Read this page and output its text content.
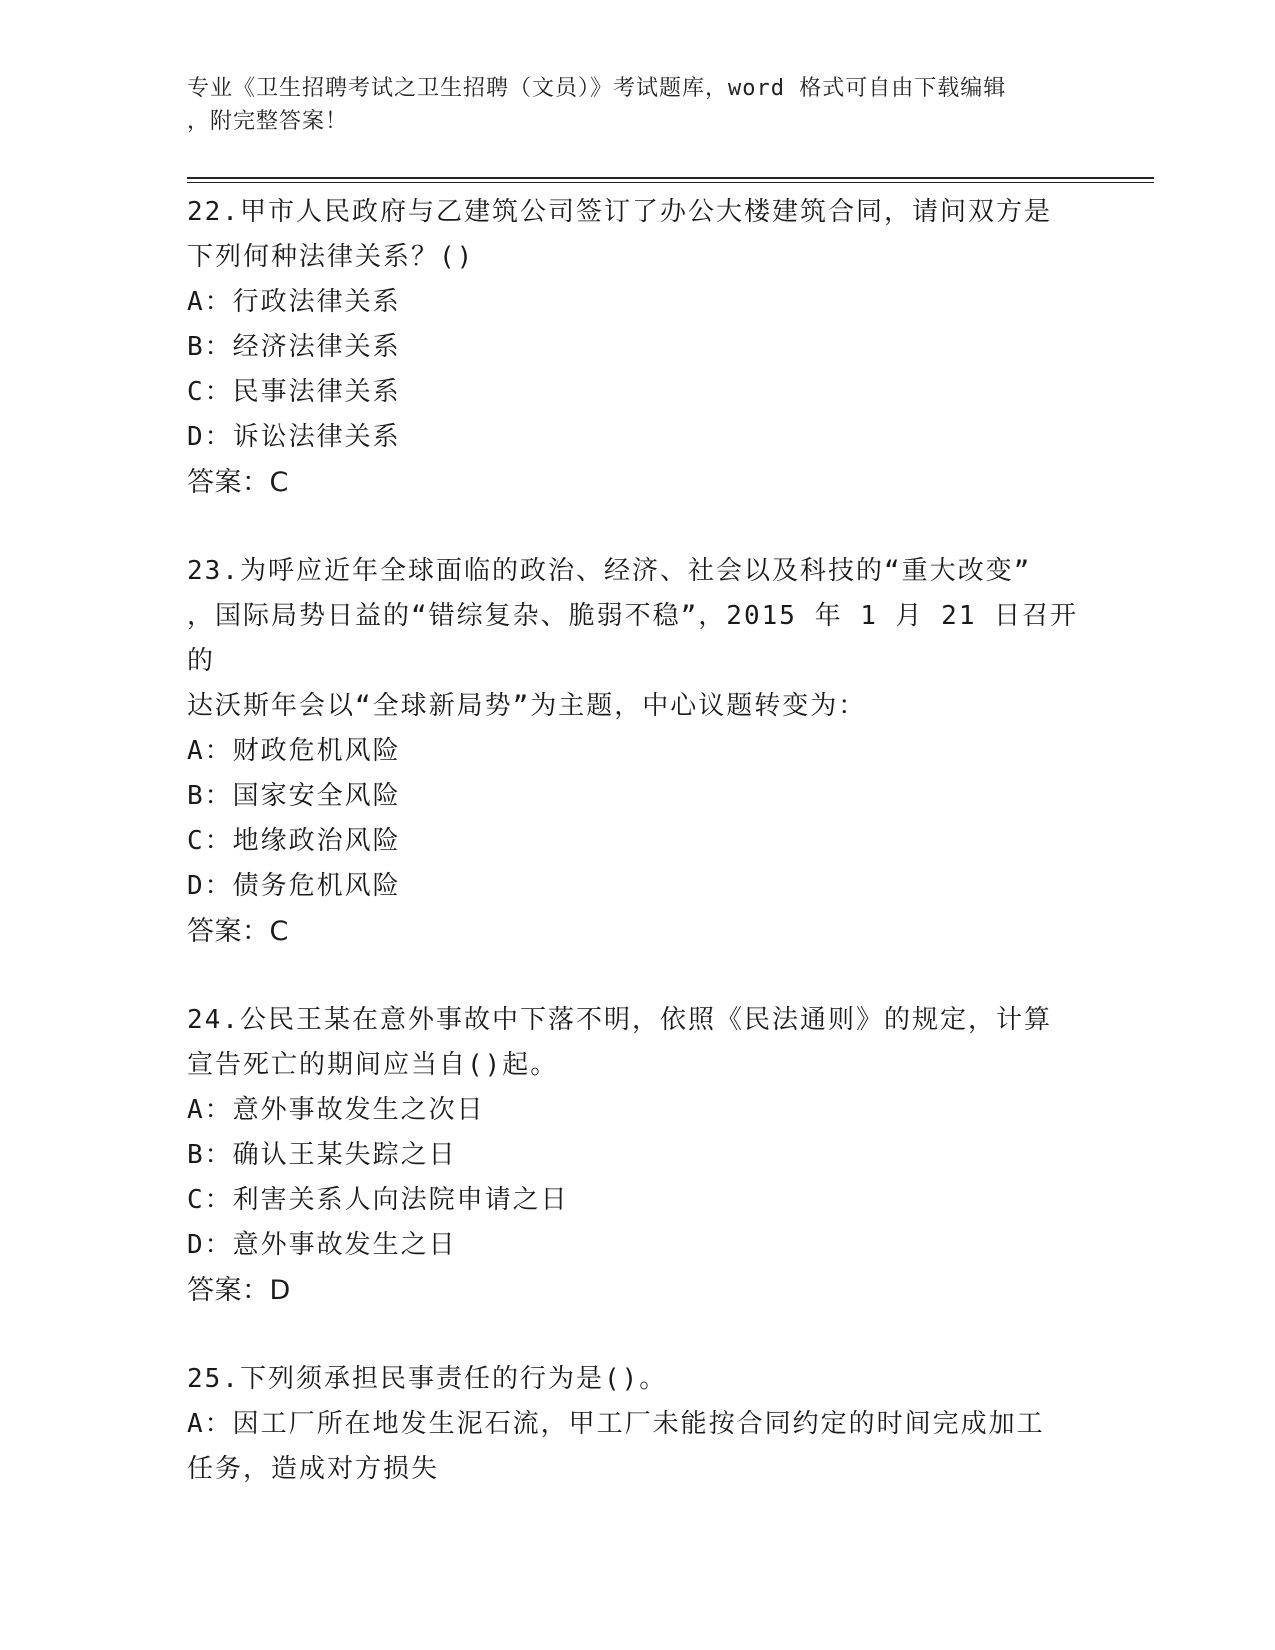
专业《卫生招聘考试之卫生招聘（文员）》考试题库，word 格式可自由下载编辑
，附完整答案！

22.甲市人民政府与乙建筑公司签订了办公大楼建筑合同，请问双方是

下列何种法律关系？()

A：行政法律关系

B：经济法律关系

C：民事法律关系

D：诉讼法律关系

答案：C

23.为呼应近年全球面临的政治、经济、社会以及科技的“重大改变”

，国际局势日益的“错综复杂、脆弱不稳”，2015 年 1 月 21 日召开的

达沃斯年会以“全球新局势”为主题，中心议题转变为：

A：财政危机风险

B：国家安全风险

C：地缘政治风险

D：债务危机风险

答案：C

24.公民王某在意外事故中下落不明，依照《民法通则》的规定，计算

宣告死亡的期间应当自()起。

A：意外事故发生之次日

B：确认王某失踪之日

C：利害关系人向法院申请之日

D：意外事故发生之日

答案：D

25.下列须承担民事责任的行为是()。

A：因工厂所在地发生泥石流，甲工厂未能按合同约定的时间完成加工

任务，造成对方损失
